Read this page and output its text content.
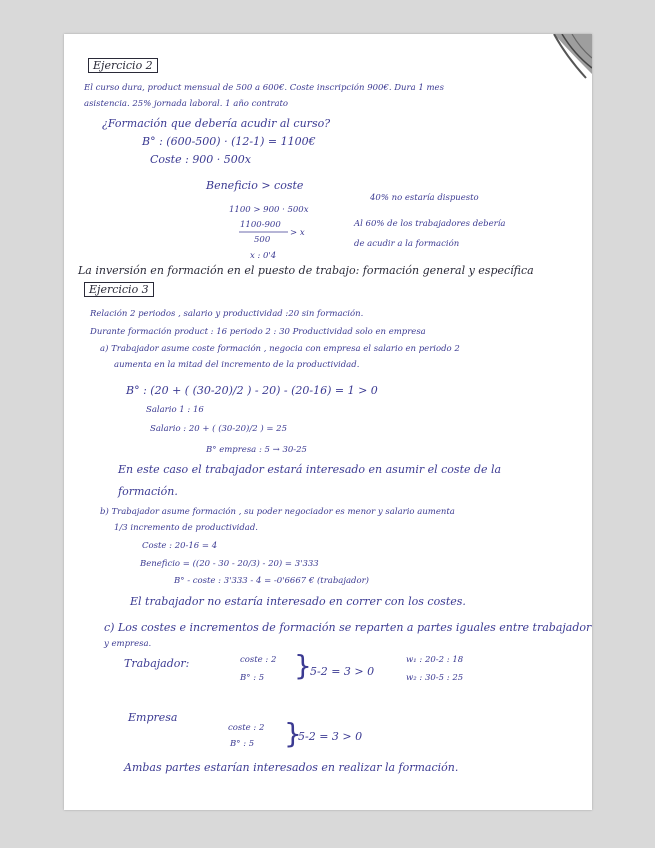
Ejercicio 2
El curso dura, product mensual de 500 a 600€. Coste inscripción 900€. Dura 1 mes
asistencia. 25% jornada laboral. 1 año contrato
¿Formación que debería acudir al curso?
B° : (600-500) · (12-1) = 1100€
Coste : 900 · 500x
Beneficio > coste
40% no estaría dispuesto
1100 > 900 · 500x
Al 60% de los trabajadores debería
1100-900
500
> x
de acudir a la formación
x : 0'4
La inversión en formación en el puesto de trabajo: formación general y específica
Ejercicio 3
Relación 2 periodos , salario y productividad :20 sin formación.
Durante formación product : 16 periodo 2 : 30 Productividad solo en empresa
a) Trabajador asume coste formación , negocia con empresa el salario en periodo 2
aumenta en la mitad del incremento de la productividad.
B° : (20 + ( (30-20)/2 ) - 20) - (20-16) = 1 > 0
Salario 1 : 16
Salario : 20 + ( (30-20)/2 ) = 25
B° empresa : 5 → 30-25
En este caso el trabajador estará interesado en asumir el coste de la
formación.
b) Trabajador asume formación , su poder negociador es menor y salario aumenta
1/3 incremento de productividad.
Coste : 20-16 = 4
Beneficio = ((20 - 30 - 20/3) - 20) = 3'333
B° - coste : 3'333 - 4 = -0'6667 € (trabajador)
El trabajador no estaría interesado en correr con los costes.
c) Los costes e incrementos de formación se reparten a partes iguales entre trabajador
y empresa.
Trabajador:	coste : 2	w₁ : 20-2 : 18
5-2 = 3 > 0
B° : 5	w₂ : 30-5 : 25
Empresa
coste : 2
5-2 = 3 > 0
B° : 5
Ambas partes estarían interesados en realizar la formación.
}
}
